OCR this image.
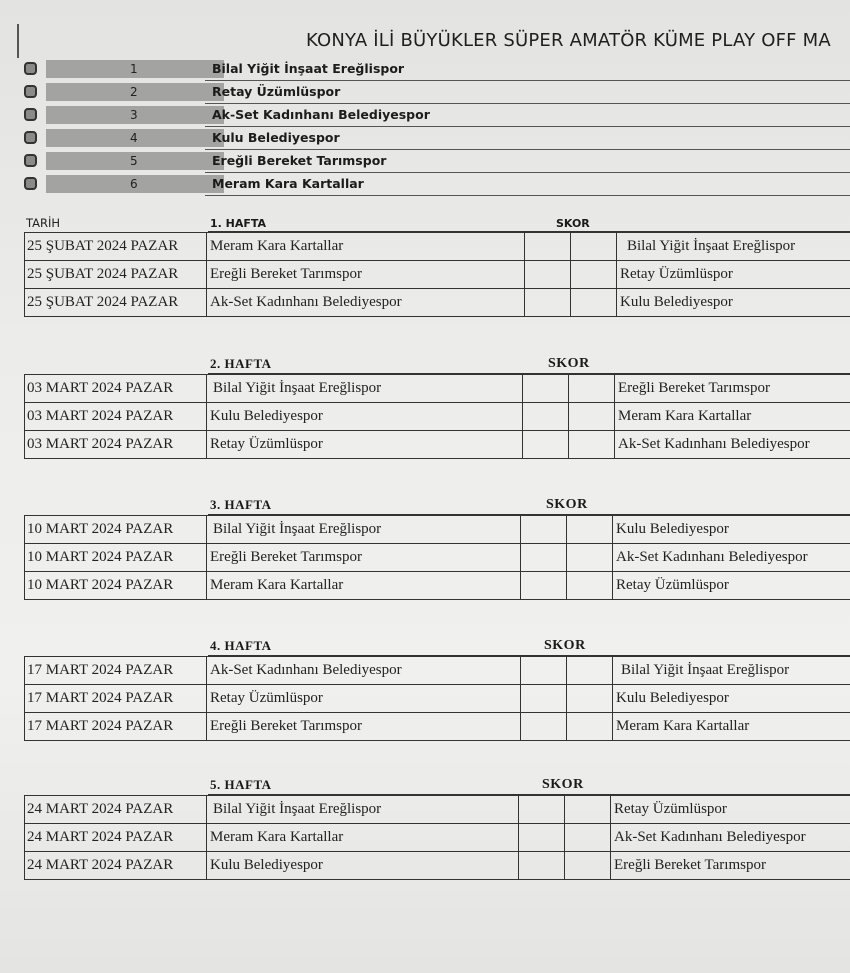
KONYA İLİ BÜYÜKLER SÜPER AMATÖR KÜME PLAY OFF MA
1	Bilal Yiğit İnşaat Ereğlispor
2	Retay Üzümlüspor
3	Ak-Set Kadınhanı Belediyespor
4	Kulu Belediyespor
5	Ereğli Bereket Tarımspor
6	Meram Kara Kartallar
TARİH	1. HAFTA	SKOR
25 ŞUBAT 2024 PAZAR	Meram Kara Kartallar			Bilal Yiğit İnşaat Ereğlispor
25 ŞUBAT 2024 PAZAR	Ereğli Bereket Tarımspor			Retay Üzümlüspor
25 ŞUBAT 2024 PAZAR	Ak-Set Kadınhanı Belediyespor			Kulu Belediyespor
2. HAFTA	SKOR
03 MART 2024 PAZAR	Bilal Yiğit İnşaat Ereğlispor			Ereğli Bereket Tarımspor
03 MART 2024 PAZAR	Kulu Belediyespor			Meram Kara Kartallar
03 MART 2024 PAZAR	Retay Üzümlüspor			Ak-Set Kadınhanı Belediyespor
3. HAFTA	SKOR
10 MART 2024 PAZAR	Bilal Yiğit İnşaat Ereğlispor			Kulu Belediyespor
10 MART 2024 PAZAR	Ereğli Bereket Tarımspor			Ak-Set Kadınhanı Belediyespor
10 MART 2024 PAZAR	Meram Kara Kartallar			Retay Üzümlüspor
4. HAFTA	SKOR
17 MART 2024 PAZAR	Ak-Set Kadınhanı Belediyespor			Bilal Yiğit İnşaat Ereğlispor
17 MART 2024 PAZAR	Retay Üzümlüspor			Kulu Belediyespor
17 MART 2024 PAZAR	Ereğli Bereket Tarımspor			Meram Kara Kartallar
5. HAFTA	SKOR
24 MART 2024 PAZAR	Bilal Yiğit İnşaat Ereğlispor			Retay Üzümlüspor
24 MART 2024 PAZAR	Meram Kara Kartallar			Ak-Set Kadınhanı Belediyespor
24 MART 2024 PAZAR	Kulu Belediyespor			Ereğli Bereket Tarımspor
